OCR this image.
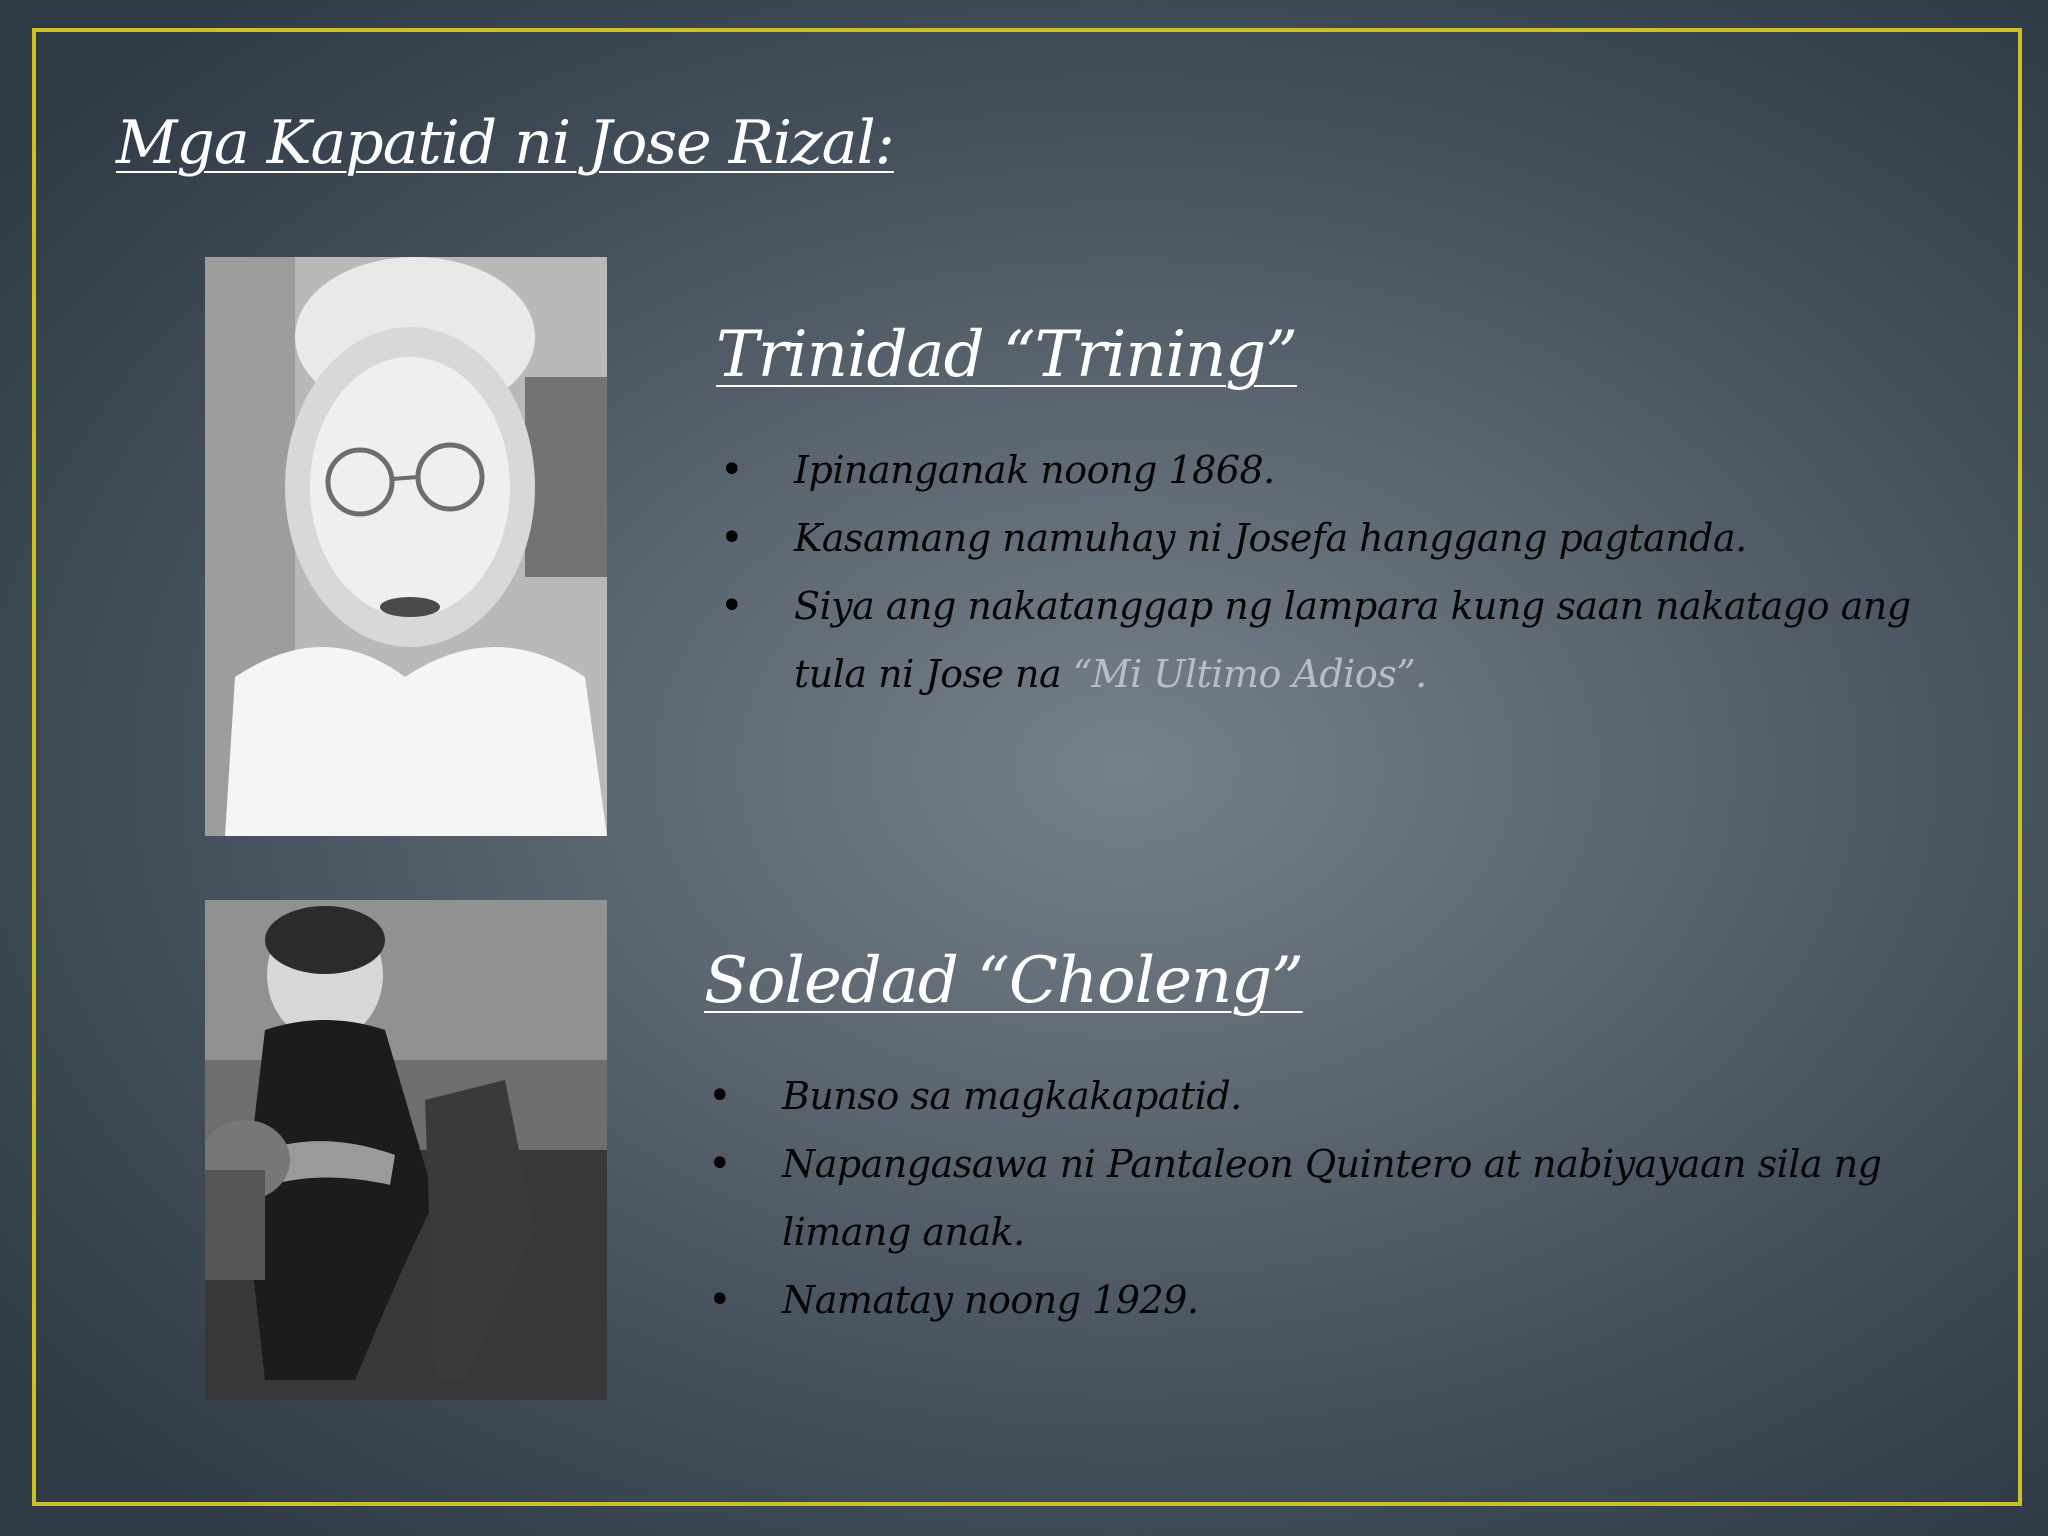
Mga Kapatid ni Jose Rizal:
Trinidad “Trining”
• Ipinanganak noong 1868.
• Kasamang namuhay ni Josefa hanggang pagtanda.
• Siya ang nakatanggap ng lampara kung saan nakatago ang tula ni Jose na “Mi Ultimo Adios”.
Soledad “Choleng”
• Bunso sa magkakapatid.
• Napangasawa ni Pantaleon Quintero at nabiyayaan sila ng limang anak.
• Namatay noong 1929.
